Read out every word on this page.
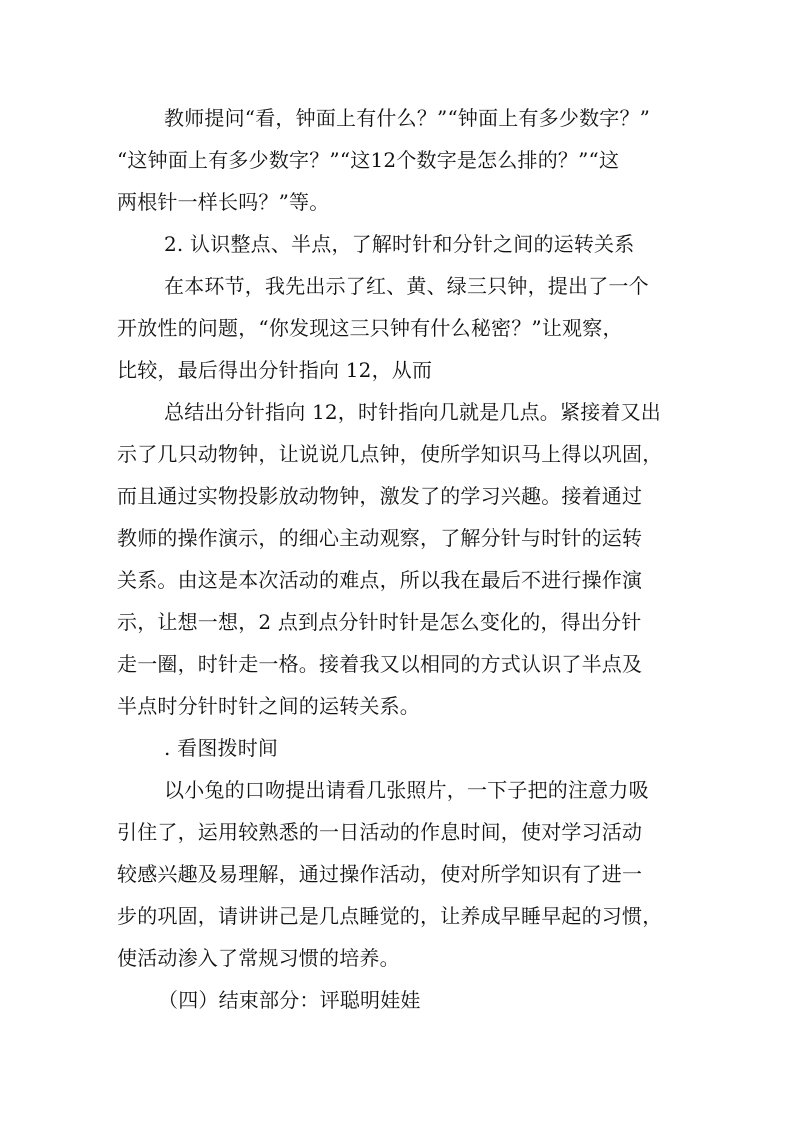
教师提问“看，钟面上有什么？”“钟面上有多少数字？”
“这钟面上有多少数字？”“这12个数字是怎么排的？”“这
两根针一样长吗？”等。
2. 认识整点、半点，了解时针和分针之间的运转关系
在本环节，我先出示了红、黄、绿三只钟，提出了一个
开放性的问题，“你发现这三只钟有什么秘密？”让观察，
比较，最后得出分针指向 12，从而
总结出分针指向 12，时针指向几就是几点。紧接着又出
示了几只动物钟，让说说几点钟，使所学知识马上得以巩固，
而且通过实物投影放动物钟，激发了的学习兴趣。接着通过
教师的操作演示，的细心主动观察，了解分针与时针的运转
关系。由这是本次活动的难点，所以我在最后不进行操作演
示，让想一想，2 点到点分针时针是怎么变化的，得出分针
走一圈，时针走一格。接着我又以相同的方式认识了半点及
半点时分针时针之间的运转关系。
. 看图拨时间
以小兔的口吻提出请看几张照片，一下子把的注意力吸
引住了，运用较熟悉的一日活动的作息时间，使对学习活动
较感兴趣及易理解，通过操作活动，使对所学知识有了进一
步的巩固，请讲讲己是几点睡觉的，让养成早睡早起的习惯，
使活动渗入了常规习惯的培养。
（四）结束部分：评聪明娃娃
